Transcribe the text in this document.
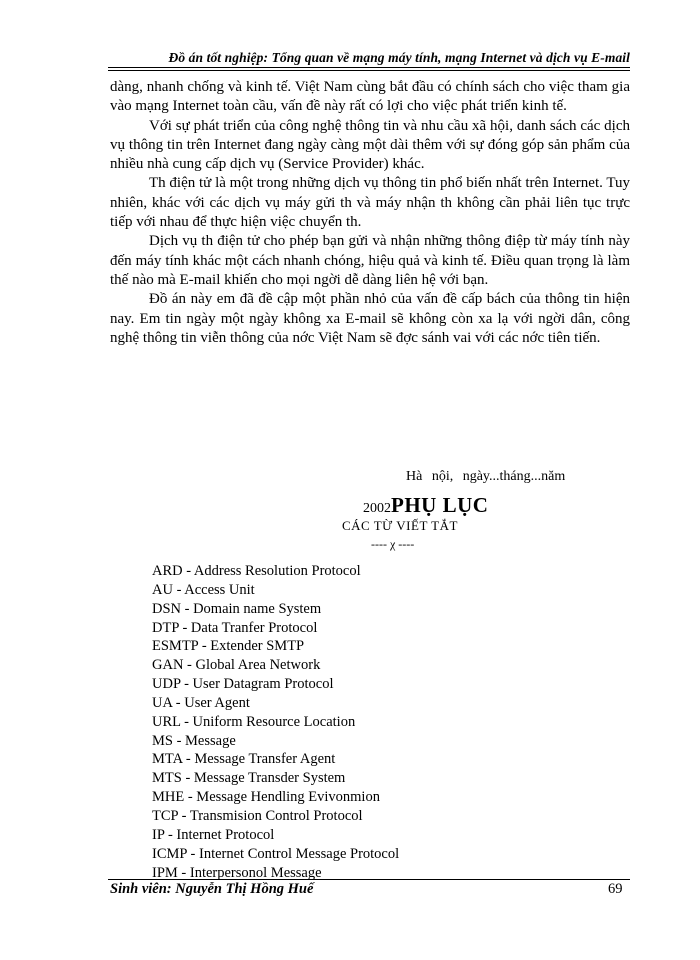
Đồ án tốt nghiệp: Tổng quan về mạng máy tính, mạng Internet và dịch vụ E-mail

dàng, nhanh chống và kinh tế. Việt Nam cùng bắt đầu có chính sách cho việc tham gia vào mạng Internet toàn cầu, vấn đề này rất có lợi cho việc phát triển kinh tế.

Với sự phát triển của công nghệ thông tin và nhu cầu xã hội, danh sách các dịch vụ thông tin trên Internet đang ngày càng một dài thêm với sự đóng góp sản phẩm của nhiều nhà cung cấp dịch vụ (Service Provider) khác.

Th điện tử là một trong những dịch vụ thông tin phổ biến nhất trên Internet. Tuy nhiên, khác với các dịch vụ máy gửi th và máy nhận th không cần phải liên tục trực tiếp với nhau để thực hiện việc chuyển th.

Dịch vụ th điện tử cho phép bạn gửi và nhận những thông điệp từ máy tính này đến máy tính khác một cách nhanh chóng, hiệu quả và kinh tế. Điều quan trọng là làm thế nào mà E-mail khiến cho mọi ngời dễ dàng liên hệ với bạn.

Đồ án này em đã đề cập một phần nhỏ của vấn đề cấp bách của thông tin hiện nay. Em tin ngày một ngày không xa E-mail sẽ không còn xa lạ với ngời dân, công nghệ thông tin viễn thông của nớc Việt Nam sẽ đợc sánh vai với các nớc tiên tiến.

Hà nội, ngày...tháng...năm
2002PHỤ LỤC
CÁC TỪ VIẾT TẮT
---- χ ----
ARD - Address Resolution Protocol
AU - Access Unit
DSN - Domain name System
DTP - Data Tranfer Protocol
ESMTP - Extender SMTP
GAN - Global Area Network
UDP - User Datagram Protocol
UA - User Agent
URL - Uniform Resource Location
MS - Message
MTA - Message Transfer Agent
MTS - Message Transder System
MHE - Message Hendling Evivonmion
TCP - Transmision Control Protocol
IP - Internet Protocol
ICMP - Internet Control Message Protocol
IPM - Interpersonol Message
Sinh viên: Nguyễn Thị Hồng Huế	69
